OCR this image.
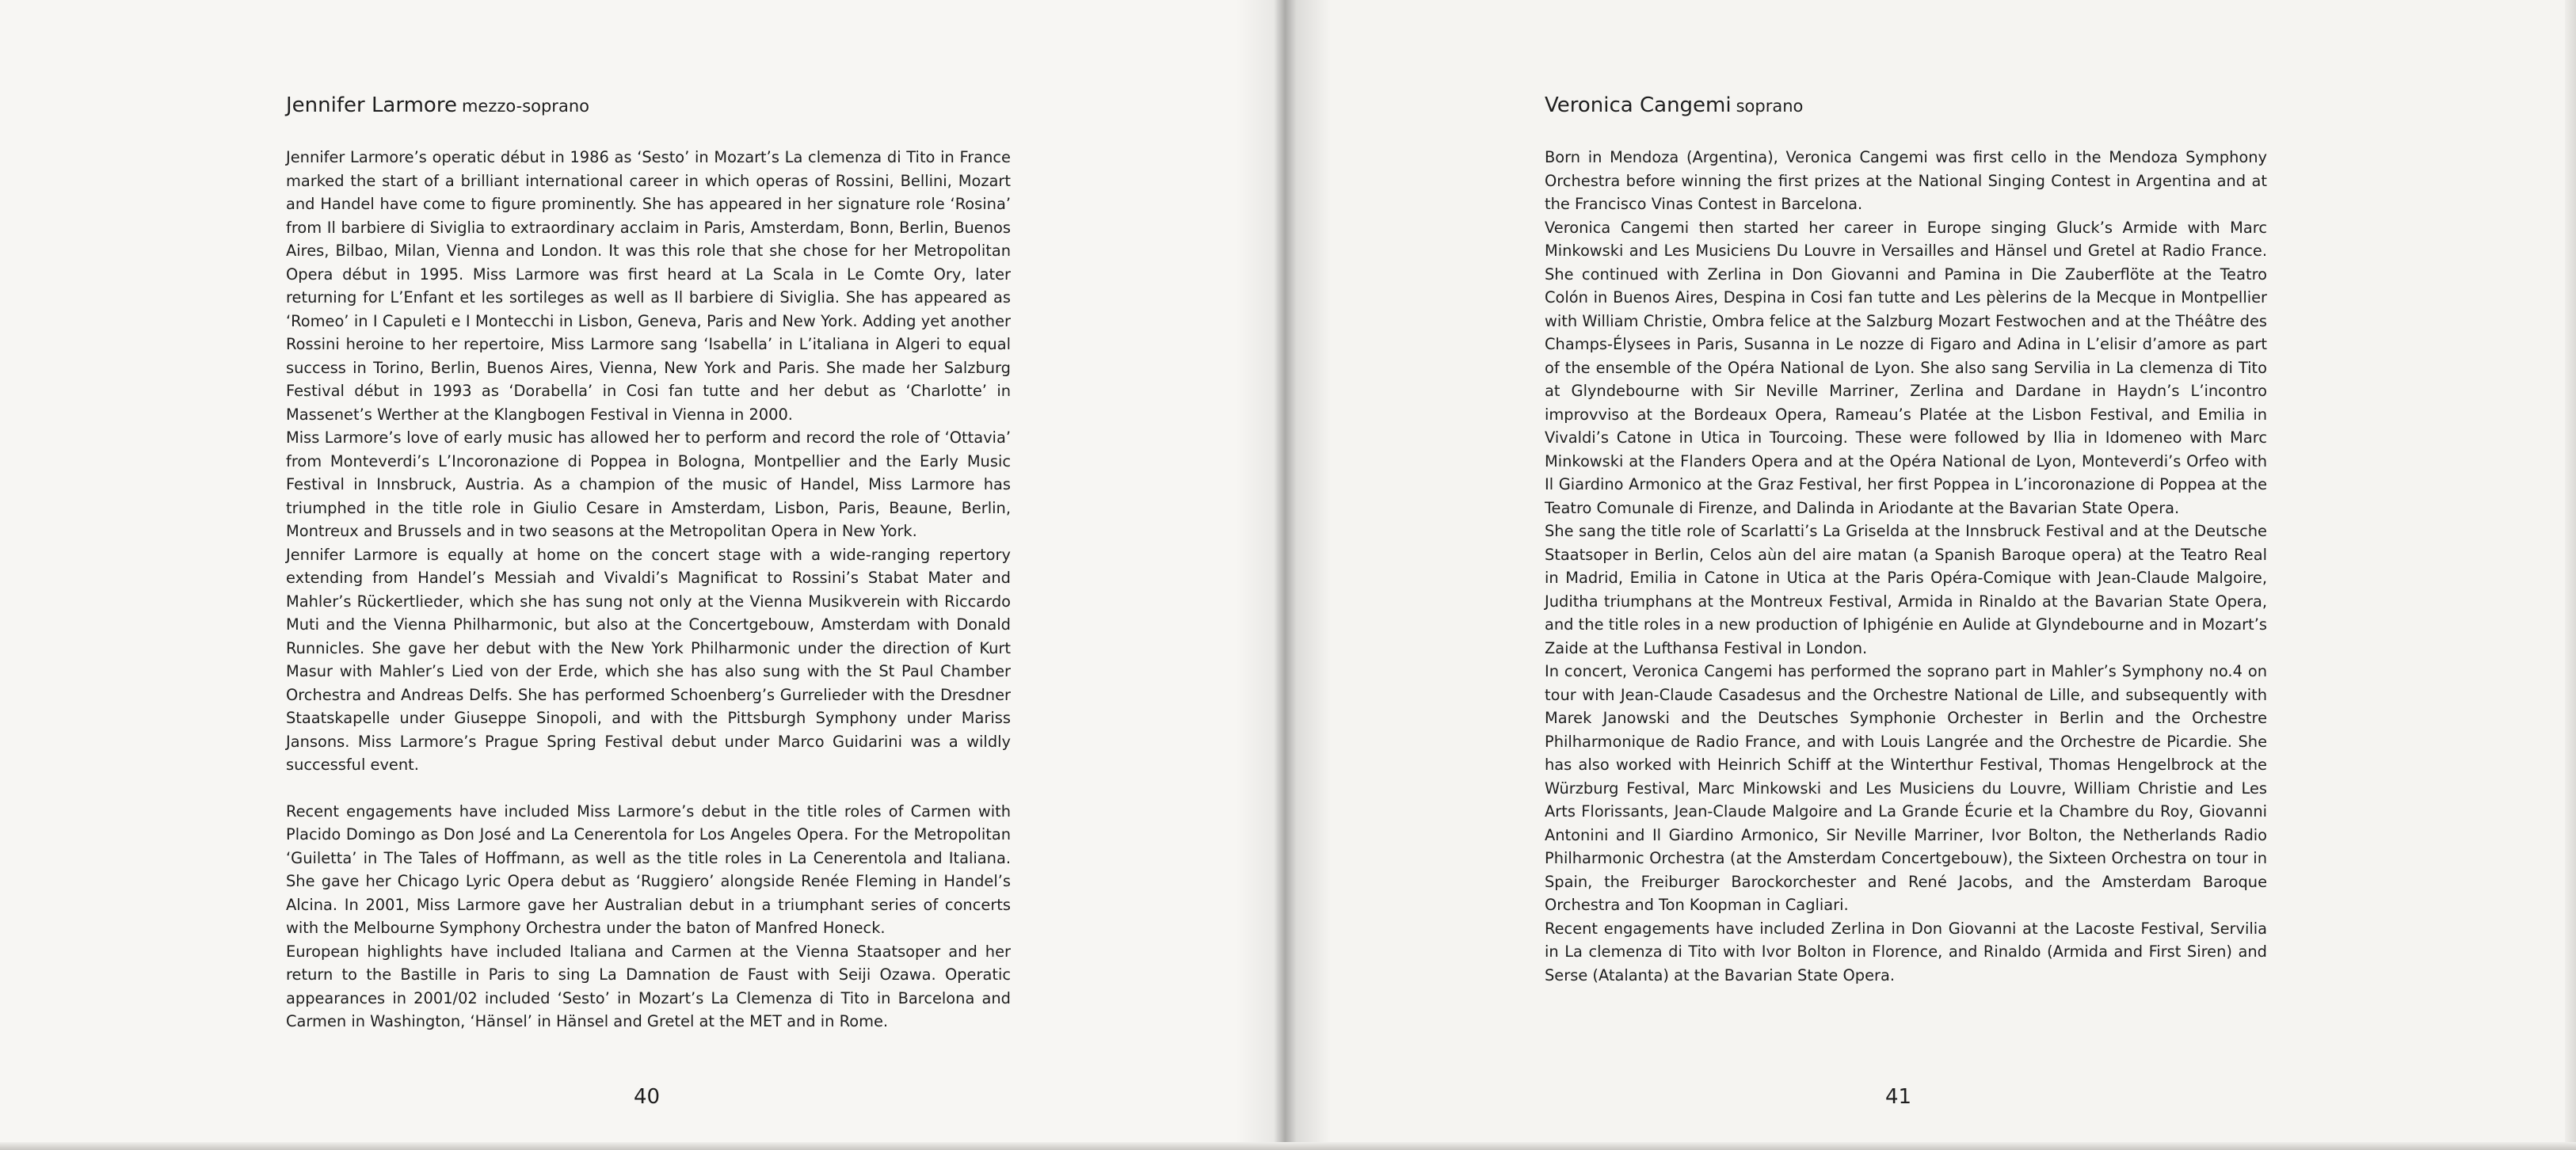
Jennifer Larmore mezzo-soprano

Jennifer Larmore’s operatic début in 1986 as ‘Sesto’ in Mozart’s La clemenza di Tito in France marked the start of a brilliant international career in which operas of Rossini, Bellini, Mozart and Handel have come to figure prominently. She has appeared in her signature role ‘Rosina’ from Il barbiere di Siviglia to extraordinary acclaim in Paris, Amsterdam, Bonn, Berlin, Buenos Aires, Bilbao, Milan, Vienna and London. It was this role that she chose for her Metropolitan Opera début in 1995. Miss Larmore was first heard at La Scala in Le Comte Ory, later returning for L’Enfant et les sortileges as well as Il barbiere di Siviglia. She has appeared as ‘Romeo’ in I Capuleti e I Montecchi in Lisbon, Geneva, Paris and New York. Adding yet another Rossini heroine to her repertoire, Miss Larmore sang ‘Isabella’ in L’italiana in Algeri to equal success in Torino, Berlin, Buenos Aires, Vienna, New York and Paris. She made her Salzburg Festival début in 1993 as ‘Dorabella’ in Cosi fan tutte and her debut as ‘Charlotte’ in Massenet’s Werther at the Klangbogen Festival in Vienna in 2000.

Miss Larmore’s love of early music has allowed her to perform and record the role of ‘Ottavia’ from Monteverdi’s L’Incoronazione di Poppea in Bologna, Montpellier and the Early Music Festival in Innsbruck, Austria. As a champion of the music of Handel, Miss Larmore has triumphed in the title role in Giulio Cesare in Amsterdam, Lisbon, Paris, Beaune, Berlin, Montreux and Brussels and in two seasons at the Metropolitan Opera in New York.

Jennifer Larmore is equally at home on the concert stage with a wide-ranging repertory extending from Handel’s Messiah and Vivaldi’s Magnificat to Rossini’s Stabat Mater and Mahler’s Rückertlieder, which she has sung not only at the Vienna Musikverein with Riccardo Muti and the Vienna Philharmonic, but also at the Concertgebouw, Amsterdam with Donald Runnicles. She gave her debut with the New York Philharmonic under the direction of Kurt Masur with Mahler’s Lied von der Erde, which she has also sung with the St Paul Chamber Orchestra and Andreas Delfs. She has performed Schoenberg’s Gurrelieder with the Dresdner Staatskapelle under Giuseppe Sinopoli, and with the Pittsburgh Symphony under Mariss Jansons. Miss Larmore’s Prague Spring Festival debut under Marco Guidarini was a wildly successful event.

Recent engagements have included Miss Larmore’s debut in the title roles of Carmen with Placido Domingo as Don José and La Cenerentola for Los Angeles Opera. For the Metropolitan ‘Guiletta’ in The Tales of Hoffmann, as well as the title roles in La Cenerentola and Italiana. She gave her Chicago Lyric Opera debut as ‘Ruggiero’ alongside Renée Fleming in Handel’s Alcina. In 2001, Miss Larmore gave her Australian debut in a triumphant series of concerts with the Melbourne Symphony Orchestra under the baton of Manfred Honeck.

European highlights have included Italiana and Carmen at the Vienna Staatsoper and her return to the Bastille in Paris to sing La Damnation de Faust with Seiji Ozawa. Operatic appearances in 2001/02 included ‘Sesto’ in Mozart’s La Clemenza di Tito in Barcelona and Carmen in Washington, ‘Hänsel’ in Hänsel and Gretel at the MET and in Rome.

40
Veronica Cangemi soprano

Born in Mendoza (Argentina), Veronica Cangemi was first cello in the Mendoza Symphony Orchestra before winning the first prizes at the National Singing Contest in Argentina and at the Francisco Vinas Contest in Barcelona.

Veronica Cangemi then started her career in Europe singing Gluck’s Armide with Marc Minkowski and Les Musiciens Du Louvre in Versailles and Hänsel und Gretel at Radio France. She continued with Zerlina in Don Giovanni and Pamina in Die Zauberflöte at the Teatro Colón in Buenos Aires, Despina in Cosi fan tutte and Les pèlerins de la Mecque in Montpellier with William Christie, Ombra felice at the Salzburg Mozart Festwochen and at the Théâtre des Champs-Élysees in Paris, Susanna in Le nozze di Figaro and Adina in L’elisir d’amore as part of the ensemble of the Opéra National de Lyon. She also sang Servilia in La clemenza di Tito at Glyndebourne with Sir Neville Marriner, Zerlina and Dardane in Haydn’s L’incontro improvviso at the Bordeaux Opera, Rameau’s Platée at the Lisbon Festival, and Emilia in Vivaldi’s Catone in Utica in Tourcoing. These were followed by Ilia in Idomeneo with Marc Minkowski at the Flanders Opera and at the Opéra National de Lyon, Monteverdi’s Orfeo with Il Giardino Armonico at the Graz Festival, her first Poppea in L’incoronazione di Poppea at the Teatro Comunale di Firenze, and Dalinda in Ariodante at the Bavarian State Opera.

She sang the title role of Scarlatti’s La Griselda at the Innsbruck Festival and at the Deutsche Staatsoper in Berlin, Celos aùn del aire matan (a Spanish Baroque opera) at the Teatro Real in Madrid, Emilia in Catone in Utica at the Paris Opéra-Comique with Jean-Claude Malgoire, Juditha triumphans at the Montreux Festival, Armida in Rinaldo at the Bavarian State Opera, and the title roles in a new production of Iphigénie en Aulide at Glyndebourne and in Mozart’s Zaide at the Lufthansa Festival in London.

In concert, Veronica Cangemi has performed the soprano part in Mahler’s Symphony no.4 on tour with Jean-Claude Casadesus and the Orchestre National de Lille, and subsequently with Marek Janowski and the Deutsches Symphonie Orchester in Berlin and the Orchestre Philharmonique de Radio France, and with Louis Langrée and the Orchestre de Picardie. She has also worked with Heinrich Schiff at the Winterthur Festival, Thomas Hengelbrock at the Würzburg Festival, Marc Minkowski and Les Musiciens du Louvre, William Christie and Les Arts Florissants, Jean-Claude Malgoire and La Grande Écurie et la Chambre du Roy, Giovanni Antonini and Il Giardino Armonico, Sir Neville Marriner, Ivor Bolton, the Netherlands Radio Philharmonic Orchestra (at the Amsterdam Concertgebouw), the Sixteen Orchestra on tour in Spain, the Freiburger Barockorchester and René Jacobs, and the Amsterdam Baroque Orchestra and Ton Koopman in Cagliari.

Recent engagements have included Zerlina in Don Giovanni at the Lacoste Festival, Servilia in La clemenza di Tito with Ivor Bolton in Florence, and Rinaldo (Armida and First Siren) and Serse (Atalanta) at the Bavarian State Opera.

41
